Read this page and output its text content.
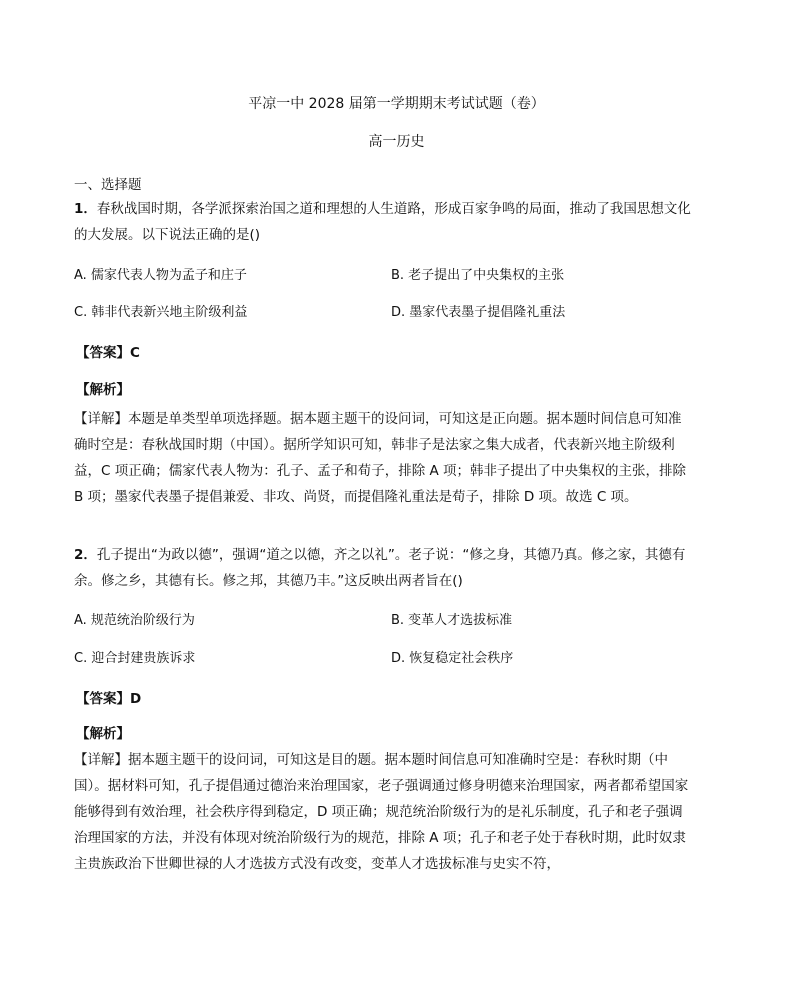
平凉一中 2028 届第一学期期末考试试题（卷）
高一历史
一、选择题
1．春秋战国时期，各学派探索治国之道和理想的人生道路，形成百家争鸣的局面，推动了我国思想文化的大发展。以下说法正确的是()
A. 儒家代表人物为孟子和庄子	B. 老子提出了中央集权的主张
C. 韩非代表新兴地主阶级利益	D. 墨家代表墨子提倡隆礼重法
【答案】C
【解析】
【详解】本题是单类型单项选择题。据本题主题干的设问词，可知这是正向题。据本题时间信息可知准确时空是：春秋战国时期（中国）。据所学知识可知，韩非子是法家之集大成者，代表新兴地主阶级利益，C 项正确；儒家代表人物为：孔子、孟子和荀子，排除 A 项；韩非子提出了中央集权的主张，排除 B 项；墨家代表墨子提倡兼爱、非攻、尚贤，而提倡隆礼重法是荀子，排除 D 项。故选 C 项。
2．孔子提出“为政以德”，强调“道之以德，齐之以礼”。老子说：“修之身，其德乃真。修之家，其德有余。修之乡，其德有长。修之邦，其德乃丰。”这反映出两者旨在()
A. 规范统治阶级行为	B. 变革人才选拔标准
C. 迎合封建贵族诉求	D. 恢复稳定社会秩序
【答案】D
【解析】
【详解】据本题主题干的设问词，可知这是目的题。据本题时间信息可知准确时空是：春秋时期（中国）。据材料可知，孔子提倡通过德治来治理国家，老子强调通过修身明德来治理国家，两者都希望国家能够得到有效治理，社会秩序得到稳定，D 项正确；规范统治阶级行为的是礼乐制度，孔子和老子强调治理国家的方法，并没有体现对统治阶级行为的规范，排除 A 项；孔子和老子处于春秋时期，此时奴隶主贵族政治下世卿世禄的人才选拔方式没有改变，变革人才选拔标准与史实不符，
